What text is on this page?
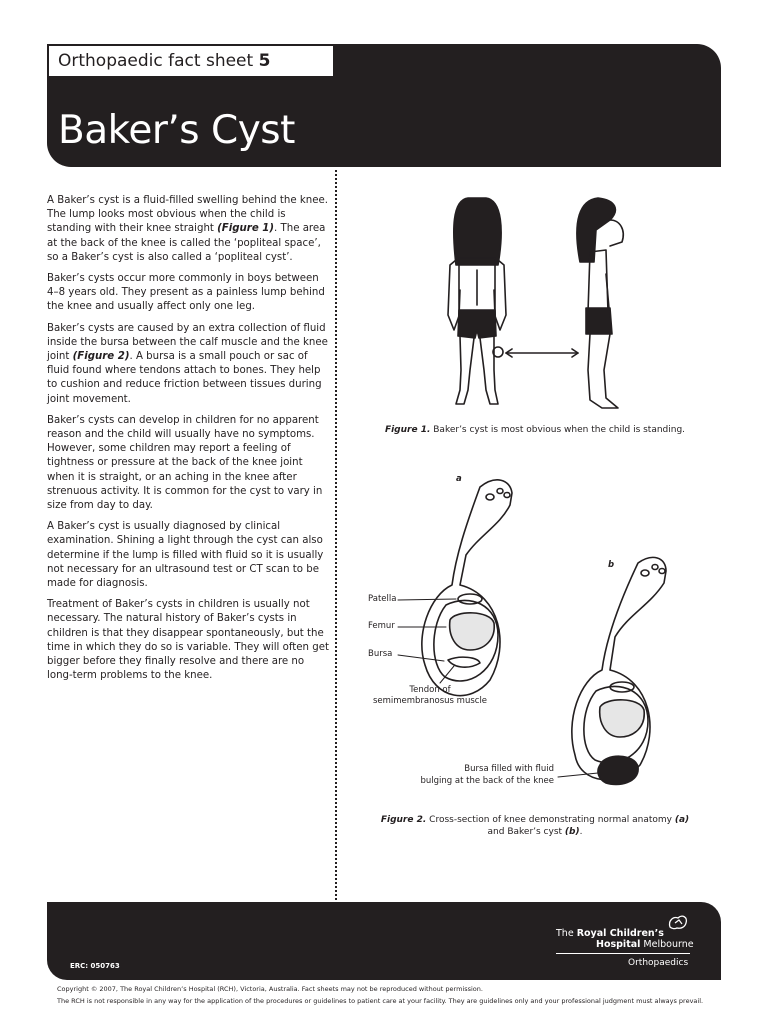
Orthopaedic fact sheet 5
Baker’s Cyst

A Baker’s cyst is a fluid-filled swelling behind the knee. The lump looks most obvious when the child is standing with their knee straight (Figure 1). The area at the back of the knee is called the ‘popliteal space’, so a Baker’s cyst is also called a ‘popliteal cyst’.

Baker’s cysts occur more commonly in boys between 4–8 years old. They present as a painless lump behind the knee and usually affect only one leg.

Baker’s cysts are caused by an extra collection of fluid inside the bursa between the calf muscle and the knee joint (Figure 2). A bursa is a small pouch or sac of fluid found where tendons attach to bones. They help to cushion and reduce friction between tissues during joint movement.

Baker’s cysts can develop in children for no apparent reason and the child will usually have no symptoms. However, some children may report a feeling of tightness or pressure at the back of the knee joint when it is straight, or an aching in the knee after strenuous activity. It is common for the cyst to vary in size from day to day.

A Baker’s cyst is usually diagnosed by clinical examination. Shining a light through the cyst can also determine if the lump is filled with fluid so it is usually not necessary for an ultrasound test or CT scan to be made for diagnosis.

Treatment of Baker’s cysts in children is usually not necessary. The natural history of Baker’s cysts in children is that they disappear spontaneously, but the time in which they do so is variable. They will often get bigger before they finally resolve and there are no long-term problems to the knee.

Figure 1. Baker’s cyst is most obvious when the child is standing.
a
b
Patella
Femur
Bursa
Tendon of
semimembranosus muscle
Bursa filled with fluid
bulging at the back of the knee
Figure 2. Cross-section of knee demonstrating normal anatomy (a)
and Baker’s cyst (b).
ERC: 050763
The Royal Children’s
Hospital Melbourne
Orthopaedics
Copyright © 2007, The Royal Children’s Hospital (RCH), Victoria, Australia. Fact sheets may not be reproduced without permission.
The RCH is not responsible in any way for the application of the procedures or guidelines to patient care at your facility. They are guidelines only and your professional judgment must always prevail.
